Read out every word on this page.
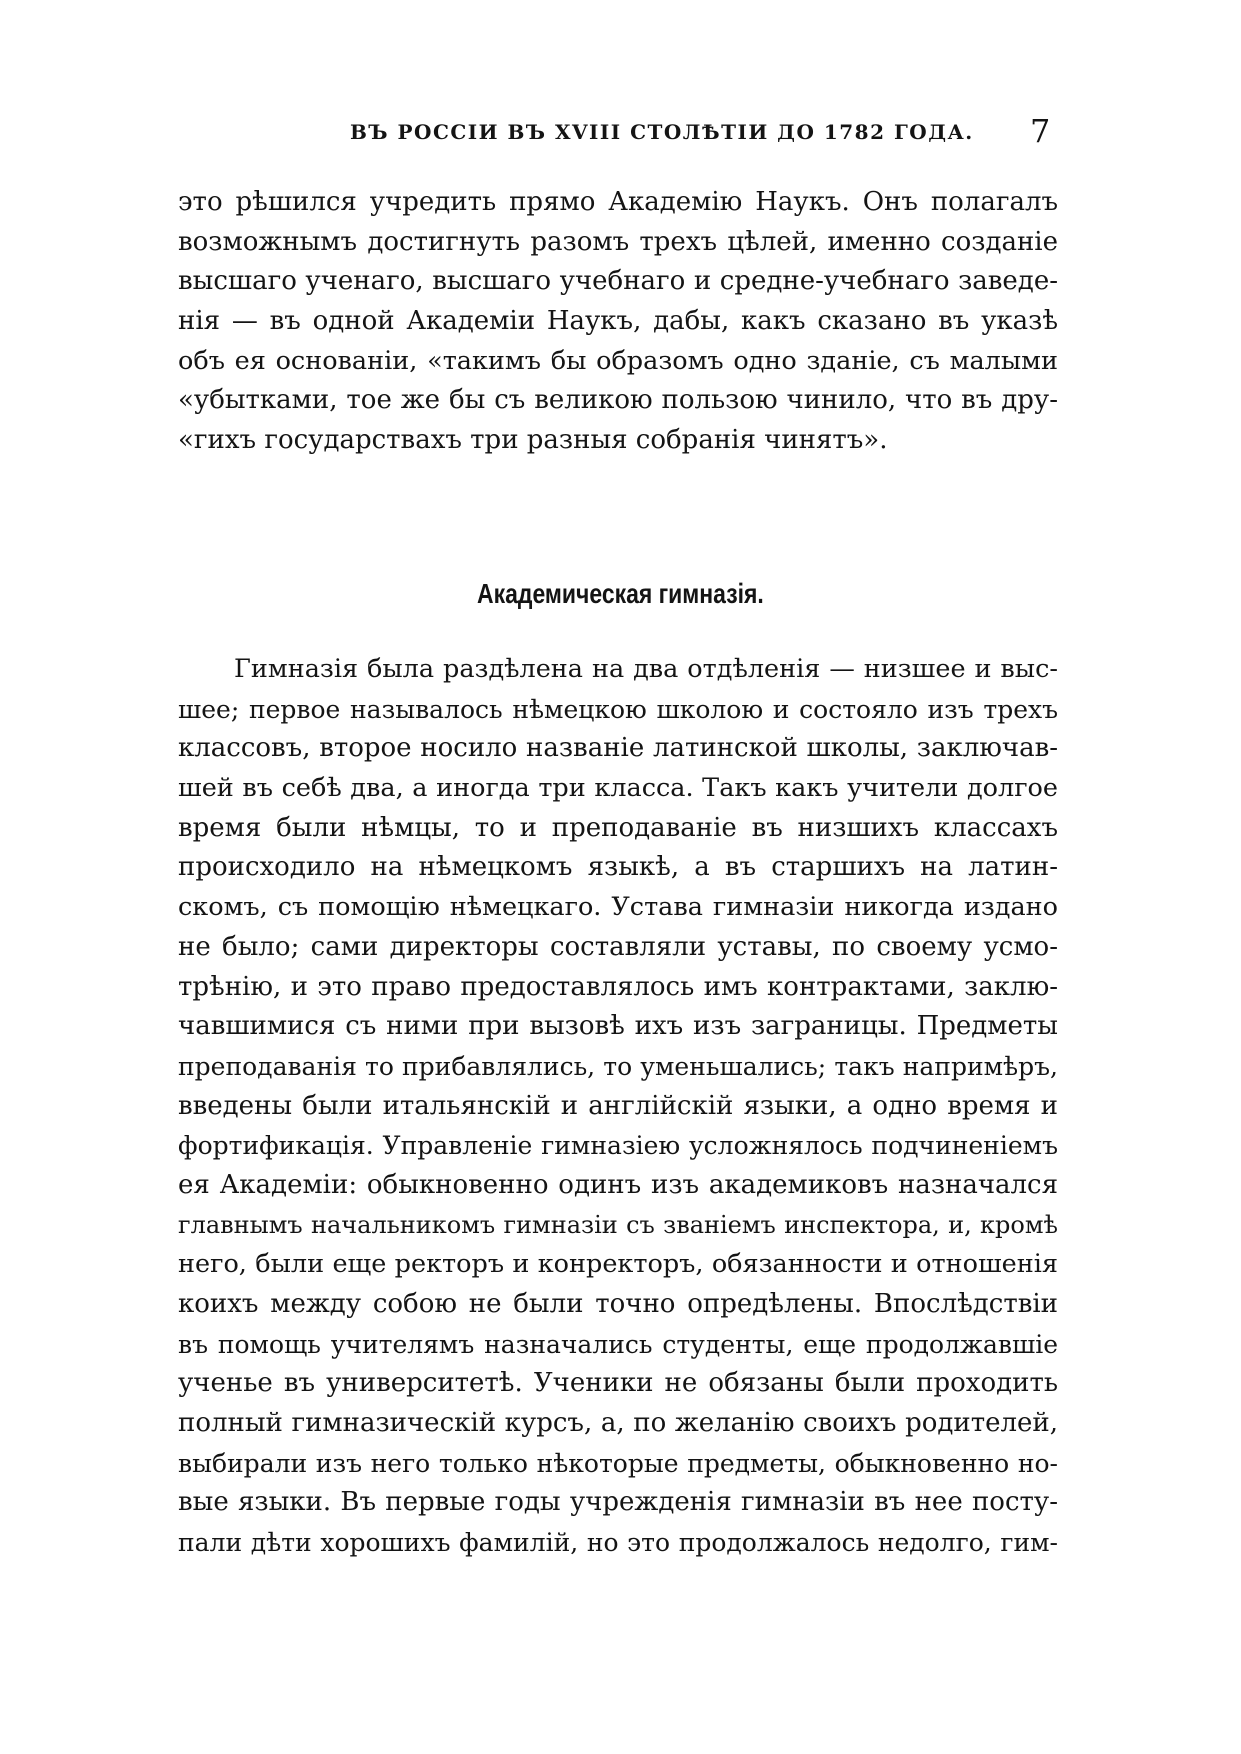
ВЪ РОССІИ ВЪ XVIII СТОЛѢТІИ ДО 1782 ГОДА. 7
это рѣшился учредить прямо Академію Наукъ. Онъ полагалъ
возможнымъ достигнуть разомъ трехъ цѣлей, именно созданіе
высшаго ученаго, высшаго учебнаго и средне-учебнаго заведе-
нія — въ одной Академіи Наукъ, дабы, какъ сказано въ указѣ
объ ея основаніи, «такимъ бы образомъ одно зданіе, съ малыми
«убытками, тое же бы съ великою пользою чинило, что въ дру-
«гихъ государствахъ три разныя собранія чинятъ».
Академическая гимназія.
Гимназія была раздѣлена на два отдѣленія — низшее и выс-
шее; первое называлось нѣмецкою школою и состояло изъ трехъ
классовъ, второе носило названіе латинской школы, заключав-
шей въ себѣ два, а иногда три класса. Такъ какъ учители долгое
время были нѣмцы, то и преподаваніе въ низшихъ классахъ
происходило на нѣмецкомъ языкѣ, а въ старшихъ на латин-
скомъ, съ помощію нѣмецкаго. Устава гимназіи никогда издано
не было; сами директоры составляли уставы, по своему усмо-
трѣнію, и это право предоставлялось имъ контрактами, заклю-
чавшимися съ ними при вызовѣ ихъ изъ заграницы. Предметы
преподаванія то прибавлялись, то уменьшались; такъ напримѣръ,
введены были итальянскій и англійскій языки, а одно время и
фортификація. Управленіе гимназіею усложнялось подчиненіемъ
ея Академіи: обыкновенно одинъ изъ академиковъ назначался
главнымъ начальникомъ гимназіи съ званіемъ инспектора, и, кромѣ
него, были еще ректоръ и конректоръ, обязанности и отношенія
коихъ между собою не были точно опредѣлены. Впослѣдствіи
въ помощь учителямъ назначались студенты, еще продолжавшіе
ученье въ университетѣ. Ученики не обязаны были проходить
полный гимназическій курсъ, а, по желанію своихъ родителей,
выбирали изъ него только нѣкоторые предметы, обыкновенно но-
вые языки. Въ первые годы учрежденія гимназіи въ нее посту-
пали дѣти хорошихъ фамилій, но это продолжалось недолго, гим-
